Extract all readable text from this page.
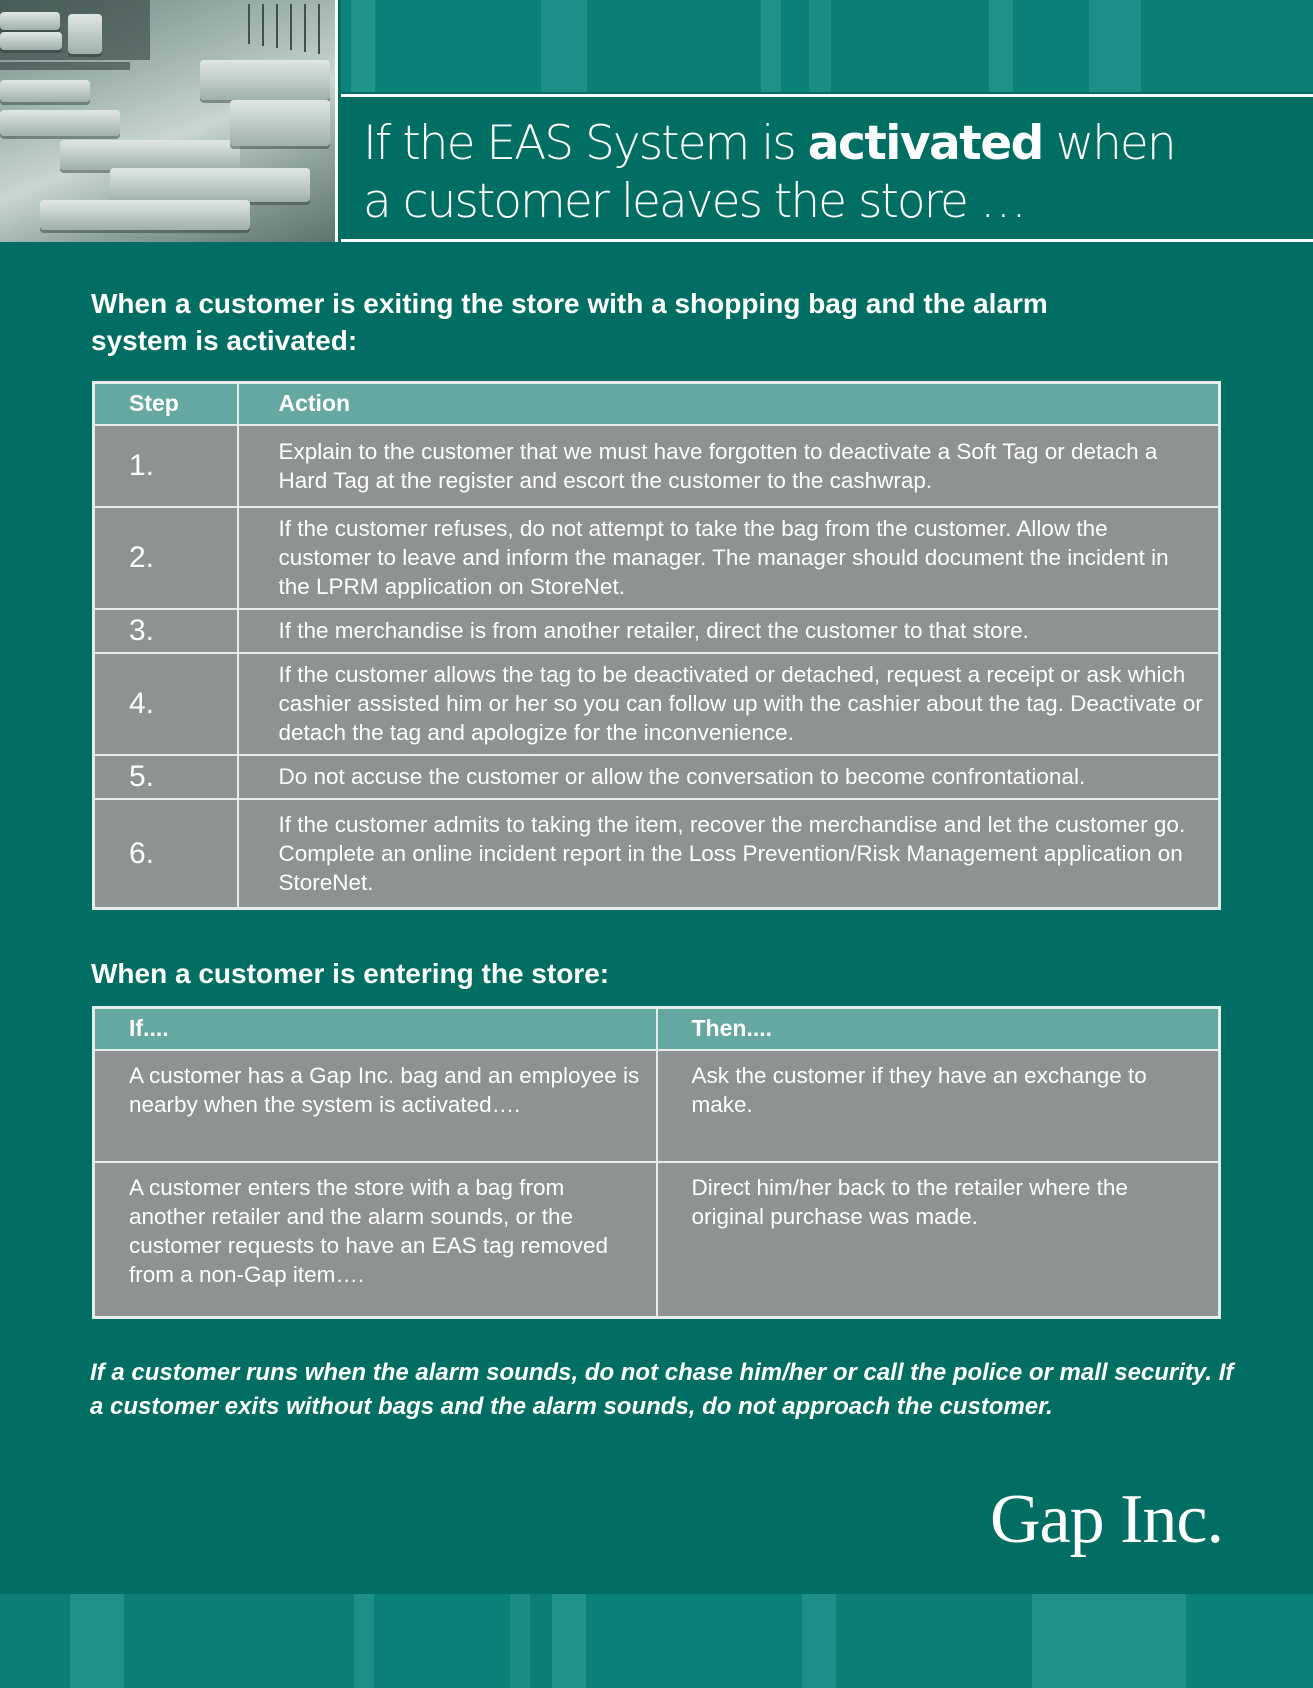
If the EAS System is activated when
a customer leaves the store …
When a customer is exiting the store with a shopping bag and the alarm
system is activated:
Step	Action
1.	Explain to the customer that we must have forgotten to deactivate a Soft Tag or detach a Hard Tag at the register and escort the customer to the cashwrap.
2.	If the customer refuses, do not attempt to take the bag from the customer. Allow the customer to leave and inform the manager. The manager should document the incident in the LPRM application on StoreNet.
3.	If the merchandise is from another retailer, direct the customer to that store.
4.	If the customer allows the tag to be deactivated or detached, request a receipt or ask which cashier assisted him or her so you can follow up with the cashier about the tag. Deactivate or detach the tag and apologize for the inconvenience.
5.	Do not accuse the customer or allow the conversation to become confrontational.
6.	If the customer admits to taking the item, recover the merchandise and let the customer go. Complete an online incident report in the Loss Prevention/Risk Management application on StoreNet.
When a customer is entering the store:
If....	Then....
A customer has a Gap Inc. bag and an employee is nearby when the system is activated….	Ask the customer if they have an exchange to make.
A customer enters the store with a bag from another retailer and the alarm sounds, or the customer requests to have an EAS tag removed from a non-Gap item….	Direct him/her back to the retailer where the original purchase was made.
If a customer runs when the alarm sounds, do not chase him/her or call the police or mall security. If a customer exits without bags and the alarm sounds, do not approach the customer.
Gap Inc.
